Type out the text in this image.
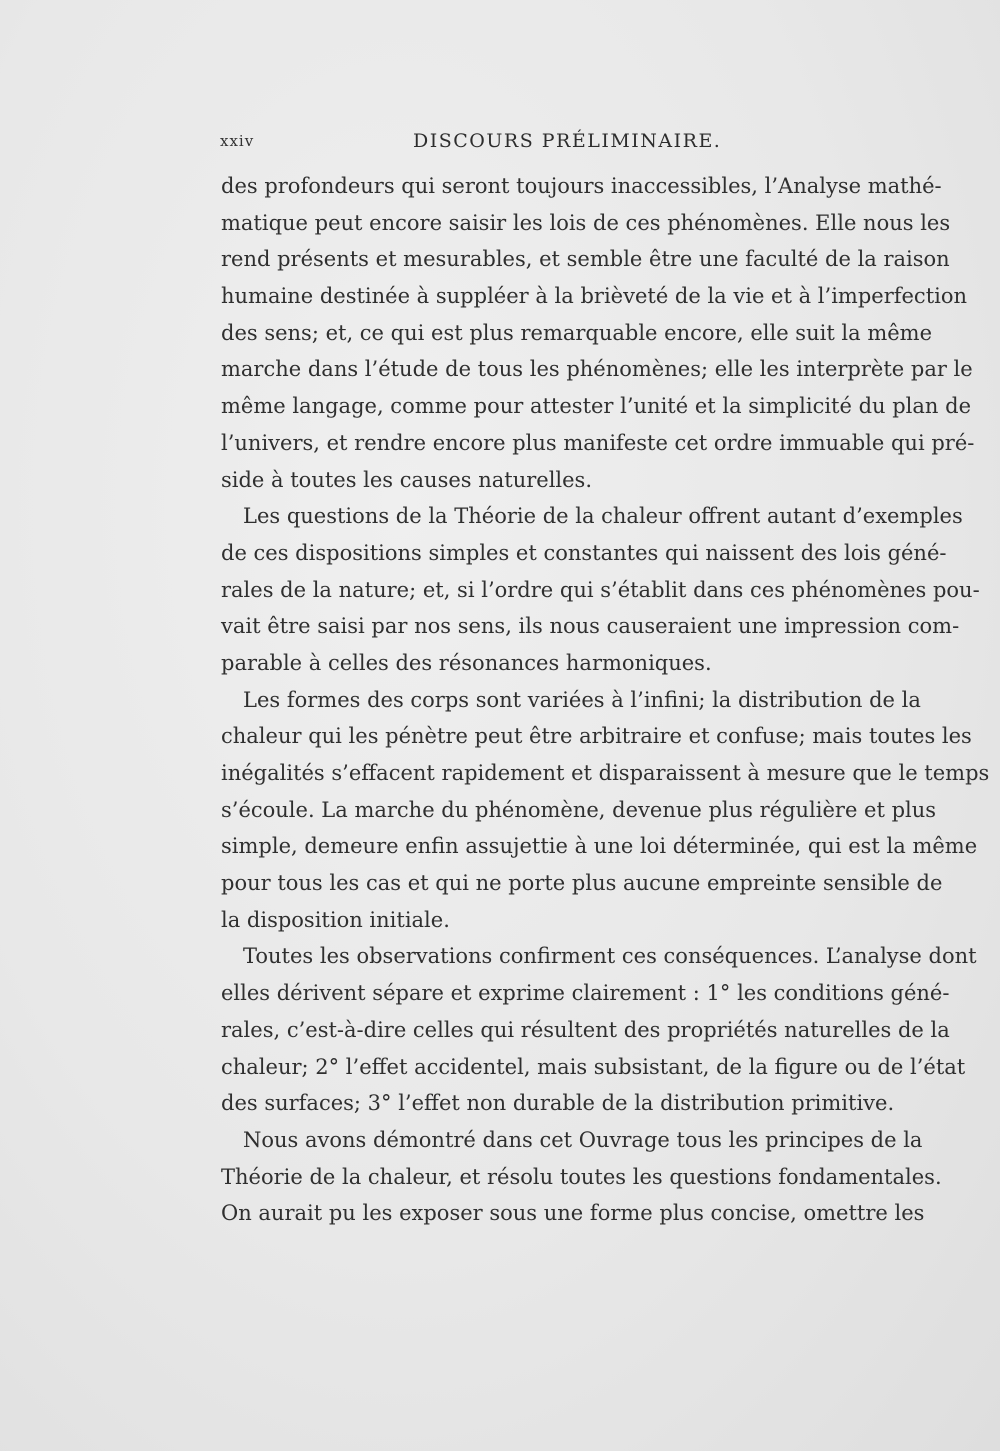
xxiv	DISCOURS PRÉLIMINAIRE.
des profondeurs qui seront toujours inaccessibles, l’Analyse mathé-
matique peut encore saisir les lois de ces phénomènes. Elle nous les
rend présents et mesurables, et semble être une faculté de la raison
humaine destinée à suppléer à la brièveté de la vie et à l’imperfection
des sens; et, ce qui est plus remarquable encore, elle suit la même
marche dans l’étude de tous les phénomènes; elle les interprète par le
même langage, comme pour attester l’unité et la simplicité du plan de
l’univers, et rendre encore plus manifeste cet ordre immuable qui pré-
side à toutes les causes naturelles.
Les questions de la Théorie de la chaleur offrent autant d’exemples
de ces dispositions simples et constantes qui naissent des lois géné-
rales de la nature; et, si l’ordre qui s’établit dans ces phénomènes pou-
vait être saisi par nos sens, ils nous causeraient une impression com-
parable à celles des résonances harmoniques.
Les formes des corps sont variées à l’infini; la distribution de la
chaleur qui les pénètre peut être arbitraire et confuse; mais toutes les
inégalités s’effacent rapidement et disparaissent à mesure que le temps
s’écoule. La marche du phénomène, devenue plus régulière et plus
simple, demeure enfin assujettie à une loi déterminée, qui est la même
pour tous les cas et qui ne porte plus aucune empreinte sensible de
la disposition initiale.
Toutes les observations confirment ces conséquences. L’analyse dont
elles dérivent sépare et exprime clairement : 1° les conditions géné-
rales, c’est-à-dire celles qui résultent des propriétés naturelles de la
chaleur; 2° l’effet accidentel, mais subsistant, de la figure ou de l’état
des surfaces; 3° l’effet non durable de la distribution primitive.
Nous avons démontré dans cet Ouvrage tous les principes de la
Théorie de la chaleur, et résolu toutes les questions fondamentales.
On aurait pu les exposer sous une forme plus concise, omettre les
